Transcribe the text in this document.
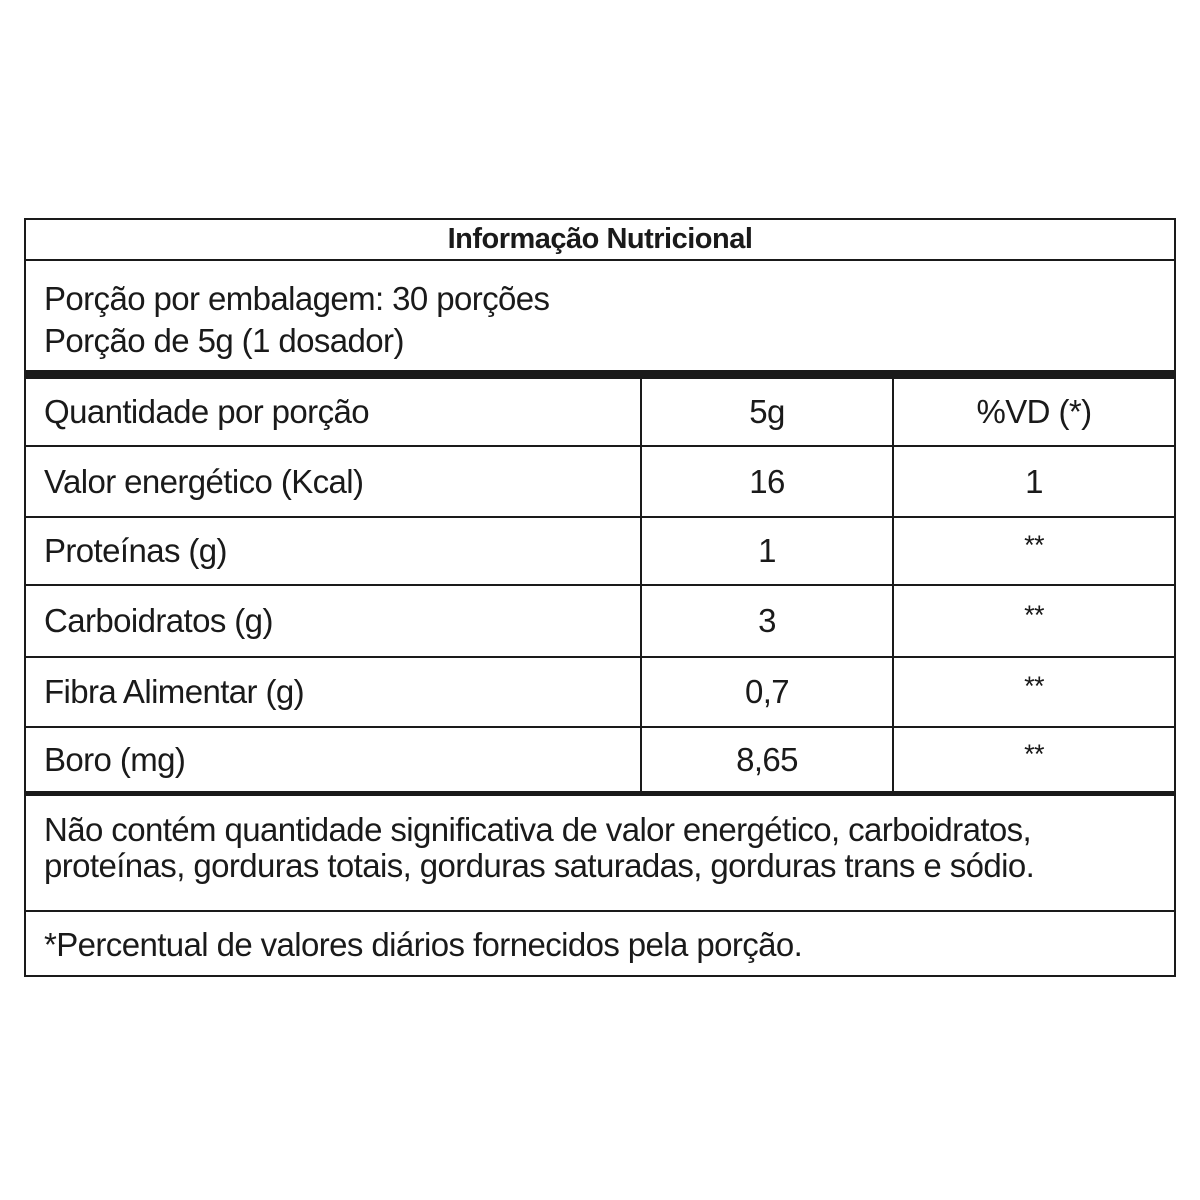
Informação Nutricional
Porção por embalagem: 30 porções
Porção de 5g (1 dosador)
Quantidade por porção	5g	%VD (*)
Valor energético (Kcal)	16	1
Proteínas (g)	1	**
Carboidratos (g)	3	**
Fibra Alimentar (g)	0,7	**
Boro (mg)	8,65	**
Não contém quantidade significativa de valor energético, carboidratos,
proteínas, gorduras totais, gorduras saturadas, gorduras trans e sódio.
*Percentual de valores diários fornecidos pela porção.
